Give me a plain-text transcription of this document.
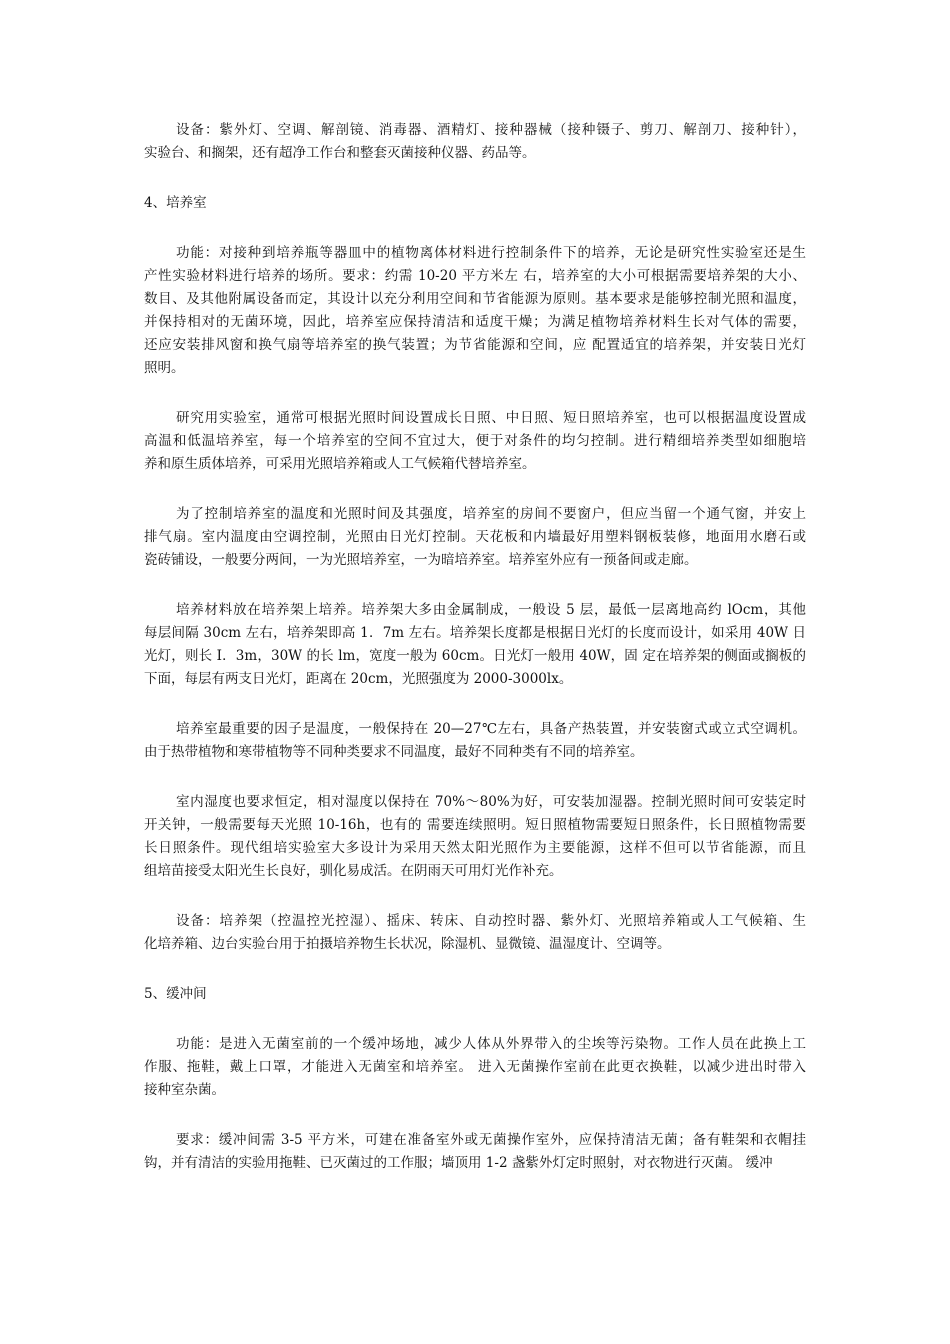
设备：紫外灯、空调、解剖镜、消毒器、酒精灯、接种器械（接种镊子、剪刀、解剖刀、接种针），
实验台、和搁架，还有超净工作台和整套灭菌接种仪器、药品等。
4、培养室
功能：对接种到培养瓶等器皿中的植物离体材料进行控制条件下的培养，无论是研究性实验室还是生
产性实验材料进行培养的场所。要求：约需 10-20 平方米左 右，培养室的大小可根据需要培养架的大小、
数目、及其他附属设备而定，其设计以充分利用空间和节省能源为原则。基本要求是能够控制光照和温度，
并保持相对的无菌环境，因此，培养室应保持清洁和适度干燥；为满足植物培养材料生长对气体的需要，
还应安装排风窗和换气扇等培养室的换气装置；为节省能源和空间，应 配置适宜的培养架，并安装日光灯
照明。
研究用实验室，通常可根据光照时间设置成长日照、中日照、短日照培养室，也可以根据温度设置成
高温和低温培养室，每一个培养室的空间不宜过大，便于对条件的均匀控制。进行精细培养类型如细胞培
养和原生质体培养，可采用光照培养箱或人工气候箱代替培养室。
为了控制培养室的温度和光照时间及其强度，培养室的房间不要窗户，但应当留一个通气窗，并安上
排气扇。室内温度由空调控制，光照由日光灯控制。天花板和内墙最好用塑料钢板装修，地面用水磨石或
瓷砖铺设，一般要分两间，一为光照培养室，一为暗培养室。培养室外应有一预备间或走廊。
培养材料放在培养架上培养。培养架大多由金属制成，一般设 5 层，最低一层离地高约 lOcm，其他
每层间隔 30cm 左右，培养架即高 1．7m 左右。培养架长度都是根据日光灯的长度而设计，如采用 40W 日
光灯，则长 I．3m，30W 的长 lm，宽度一般为 60cm。日光灯一般用 40W，固 定在培养架的侧面或搁板的
下面，每层有两支日光灯，距离在 20cm，光照强度为 2000-3000lx。
培养室最重要的因子是温度，一般保持在 20—27℃左右，具备产热装置，并安装窗式或立式空调机。
由于热带植物和寒带植物等不同种类要求不同温度，最好不同种类有不同的培养室。
室内湿度也要求恒定，相对湿度以保持在 70%～80%为好，可安装加湿器。控制光照时间可安装定时
开关钟，一般需要每天光照 10-16h，也有的 需要连续照明。短日照植物需要短日照条件，长日照植物需要
长日照条件。现代组培实验室大多设计为采用天然太阳光照作为主要能源，这样不但可以节省能源，而且
组培苗接受太阳光生长良好，驯化易成活。在阴雨天可用灯光作补充。
设备：培养架（控温控光控湿）、摇床、转床、自动控时器、紫外灯、光照培养箱或人工气候箱、生
化培养箱、边台实验台用于拍摄培养物生长状况，除湿机、显微镜、温湿度计、空调等。
5、缓冲间
功能：是进入无菌室前的一个缓冲场地，减少人体从外界带入的尘埃等污染物。工作人员在此换上工
作服、拖鞋，戴上口罩，才能进入无菌室和培养室。 进入无菌操作室前在此更衣换鞋，以减少进出时带入
接种室杂菌。
要求：缓冲间需 3-5 平方米，可建在准备室外或无菌操作室外，应保持清洁无菌；备有鞋架和衣帽挂
钩，并有清洁的实验用拖鞋、已灭菌过的工作服；墙顶用 1-2 盏紫外灯定时照射，对衣物进行灭菌。 缓冲
